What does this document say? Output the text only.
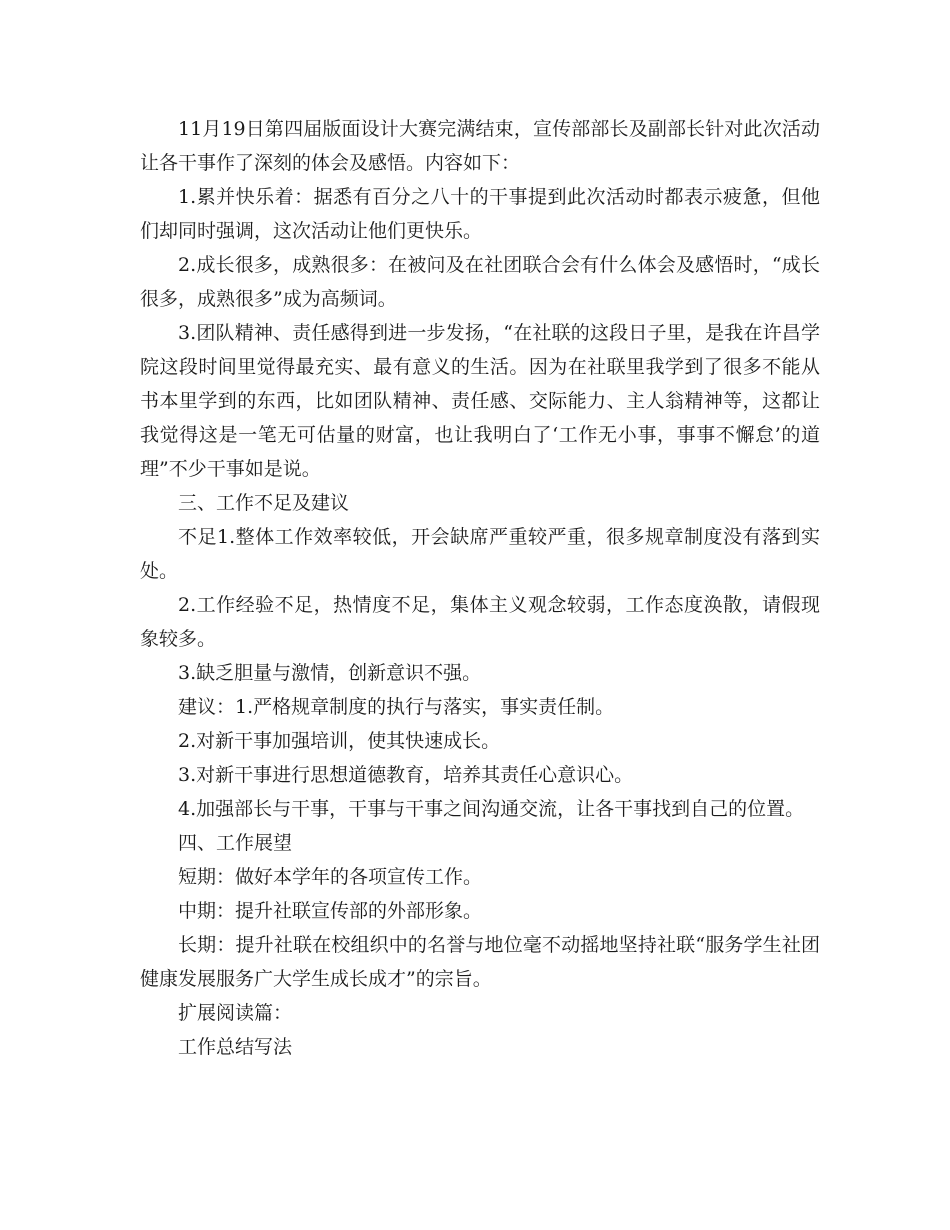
11月19日第四届版面设计大赛完满结束，宣传部部长及副部长针对此次活动让各干事作了深刻的体会及感悟。内容如下：

1.累并快乐着：据悉有百分之八十的干事提到此次活动时都表示疲惫，但他们却同时强调，这次活动让他们更快乐。

2.成长很多，成熟很多：在被问及在社团联合会有什么体会及感悟时，“成长很多，成熟很多”成为高频词。

3.团队精神、责任感得到进一步发扬，“在社联的这段日子里，是我在许昌学院这段时间里觉得最充实、最有意义的生活。因为在社联里我学到了很多不能从书本里学到的东西，比如团队精神、责任感、交际能力、主人翁精神等，这都让我觉得这是一笔无可估量的财富，也让我明白了‘工作无小事，事事不懈怠’的道理”不少干事如是说。

三、工作不足及建议

不足1.整体工作效率较低，开会缺席严重较严重，很多规章制度没有落到实处。

2.工作经验不足，热情度不足，集体主义观念较弱，工作态度涣散，请假现象较多。

3.缺乏胆量与激情，创新意识不强。

建议：1.严格规章制度的执行与落实，事实责任制。

2.对新干事加强培训，使其快速成长。

3.对新干事进行思想道德教育，培养其责任心意识心。

4.加强部长与干事，干事与干事之间沟通交流，让各干事找到自己的位置。

四、工作展望

短期：做好本学年的各项宣传工作。

中期：提升社联宣传部的外部形象。

长期：提升社联在校组织中的名誉与地位毫不动摇地坚持社联“服务学生社团健康发展服务广大学生成长成才”的宗旨。

扩展阅读篇：

工作总结写法
